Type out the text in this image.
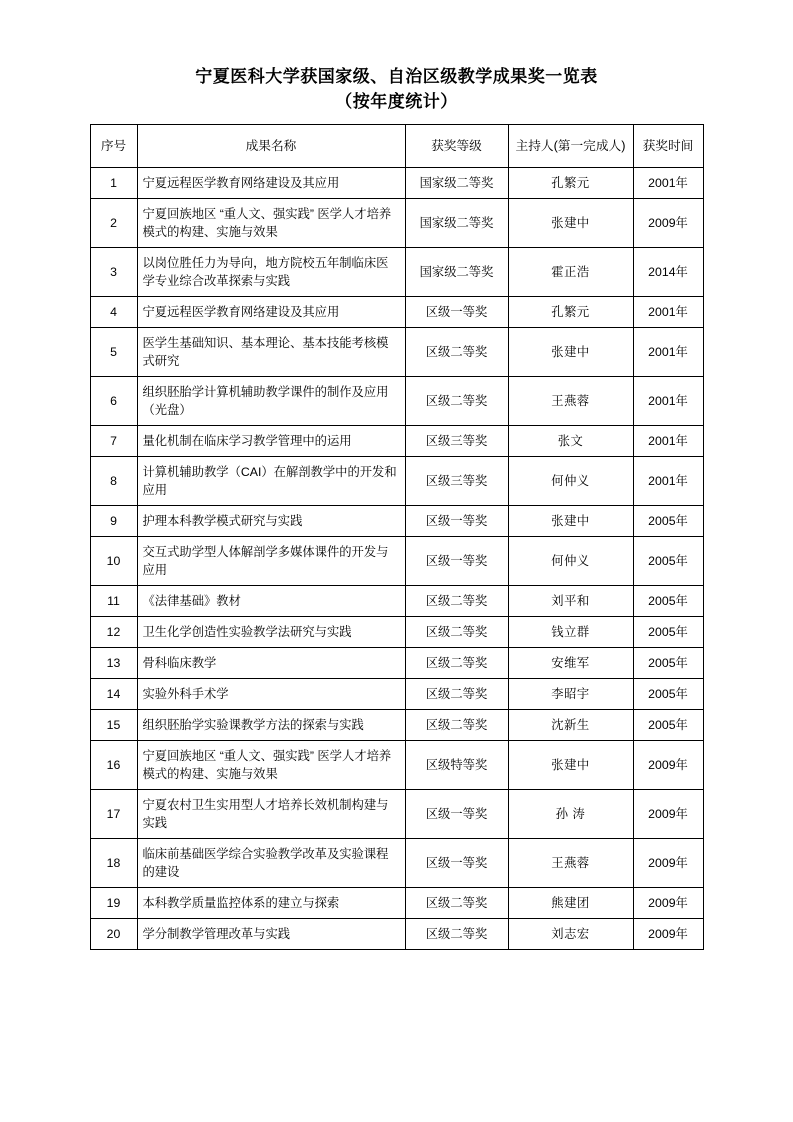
宁夏医科大学获国家级、自治区级教学成果奖一览表
（按年度统计）
序号	成果名称	获奖等级	主持人(第一完成人)	获奖时间
1	宁夏远程医学教育网络建设及其应用	国家级二等奖	孔繁元	2001年
2	宁夏回族地区 “重人文、强实践” 医学人才培养模式的构建、实施与效果	国家级二等奖	张建中	2009年
3	以岗位胜任力为导向，地方院校五年制临床医学专业综合改革探索与实践	国家级二等奖	霍正浩	2014年
4	宁夏远程医学教育网络建设及其应用	区级一等奖	孔繁元	2001年
5	医学生基础知识、基本理论、基本技能考核模式研究	区级二等奖	张建中	2001年
6	组织胚胎学计算机辅助教学课件的制作及应用（光盘）	区级二等奖	王燕蓉	2001年
7	量化机制在临床学习教学管理中的运用	区级三等奖	张文	2001年
8	计算机辅助教学（CAI）在解剖教学中的开发和应用	区级三等奖	何仲义	2001年
9	护理本科教学模式研究与实践	区级一等奖	张建中	2005年
10	交互式助学型人体解剖学多媒体课件的开发与应用	区级一等奖	何仲义	2005年
11	《法律基础》教材	区级二等奖	刘平和	2005年
12	卫生化学创造性实验教学法研究与实践	区级二等奖	钱立群	2005年
13	骨科临床教学	区级二等奖	安维军	2005年
14	实验外科手术学	区级二等奖	李昭宇	2005年
15	组织胚胎学实验课教学方法的探索与实践	区级二等奖	沈新生	2005年
16	宁夏回族地区 “重人文、强实践” 医学人才培养模式的构建、实施与效果	区级特等奖	张建中	2009年
17	宁夏农村卫生实用型人才培养长效机制构建与实践	区级一等奖	孙 涛	2009年
18	临床前基础医学综合实验教学改革及实验课程的建设	区级一等奖	王燕蓉	2009年
19	本科教学质量监控体系的建立与探索	区级二等奖	熊建团	2009年
20	学分制教学管理改革与实践	区级二等奖	刘志宏	2009年
